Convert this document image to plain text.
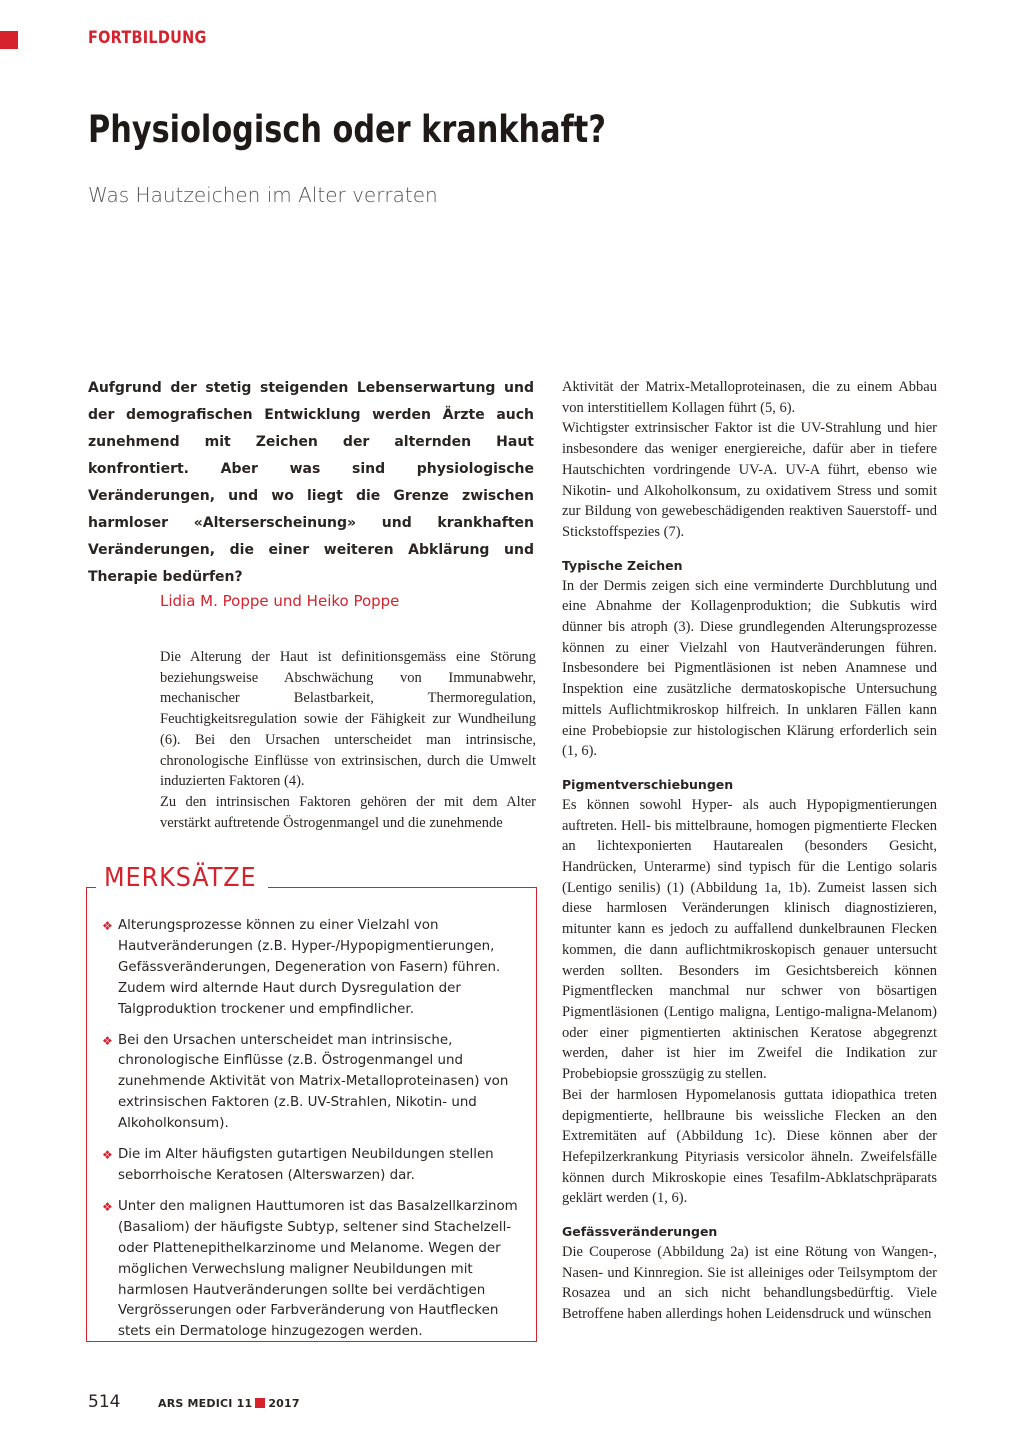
FORTBILDUNG
Physiologisch oder krankhaft?
Was Hautzeichen im Alter verraten
Aufgrund der stetig steigenden Lebenserwartung und der demografischen Entwicklung werden Ärzte auch zunehmend mit Zeichen der alternden Haut konfrontiert. Aber was sind physiologische Veränderungen, und wo liegt die Grenze zwischen harmloser «Alterserscheinung» und krankhaften Veränderungen, die einer weiteren Abklärung und Therapie bedürfen?
Lidia M. Poppe und Heiko Poppe

Die Alterung der Haut ist definitionsgemäss eine Störung beziehungsweise Abschwächung von Immunabwehr, mechanischer Belastbarkeit, Thermoregulation, Feuchtigkeitsregulation sowie der Fähigkeit zur Wundheilung (6). Bei den Ursachen unterscheidet man intrinsische, chronologische Einflüsse von extrinsischen, durch die Umwelt induzierten Faktoren (4).

Zu den intrinsischen Faktoren gehören der mit dem Alter verstärkt auftretende Östrogenmangel und die zunehmende

MERKSÄTZE
❖ Alterungsprozesse können zu einer Vielzahl von Hautveränderungen (z.B. Hyper-/Hypopigmentierungen, Gefässveränderungen, Degeneration von Fasern) führen. Zudem wird alternde Haut durch Dysregulation der Talgproduktion trockener und empfindlicher.
❖ Bei den Ursachen unterscheidet man intrinsische, chronologische Einflüsse (z.B. Östrogenmangel und zunehmende Aktivität von Matrix-Metalloproteinasen) von extrinsischen Faktoren (z.B. UV-Strahlen, Nikotin- und Alkoholkonsum).
❖ Die im Alter häufigsten gutartigen Neubildungen stellen seborrhoische Keratosen (Alterswarzen) dar.
❖ Unter den malignen Hauttumoren ist das Basalzellkarzinom (Basaliom) der häufigste Subtyp, seltener sind Stachelzell- oder Plattenepithelkarzinome und Melanome. Wegen der möglichen Verwechslung maligner Neubildungen mit harmlosen Hautveränderungen sollte bei verdächtigen Vergrösserungen oder Farbveränderung von Hautflecken stets ein Dermatologe hinzugezogen werden.

Aktivität der Matrix-Metalloproteinasen, die zu einem Abbau von interstitiellem Kollagen führt (5, 6).

Wichtigster extrinsischer Faktor ist die UV-Strahlung und hier insbesondere das weniger energiereiche, dafür aber in tiefere Hautschichten vordringende UV-A. UV-A führt, ebenso wie Nikotin- und Alkoholkonsum, zu oxidativem Stress und somit zur Bildung von gewebeschädigenden reaktiven Sauerstoff- und Stickstoffspezies (7).

Typische Zeichen

In der Dermis zeigen sich eine verminderte Durchblutung und eine Abnahme der Kollagenproduktion; die Subkutis wird dünner bis atroph (3). Diese grundlegenden Alterungsprozesse können zu einer Vielzahl von Hautveränderungen führen. Insbesondere bei Pigmentläsionen ist neben Anamnese und Inspektion eine zusätzliche dermatoskopische Untersuchung mittels Auflichtmikroskop hilfreich. In unklaren Fällen kann eine Probebiopsie zur histologischen Klärung erforderlich sein (1, 6).

Pigmentverschiebungen

Es können sowohl Hyper- als auch Hypopigmentierungen auftreten. Hell- bis mittelbraune, homogen pigmentierte Flecken an lichtexponierten Hautarealen (besonders Gesicht, Handrücken, Unterarme) sind typisch für die Lentigo solaris (Lentigo senilis) (1) (Abbildung 1a, 1b). Zumeist lassen sich diese harmlosen Veränderungen klinisch diagnostizieren, mitunter kann es jedoch zu auffallend dunkelbraunen Flecken kommen, die dann auflichtmikroskopisch genauer untersucht werden sollten. Besonders im Gesichtsbereich können Pigmentflecken manchmal nur schwer von bösartigen Pigmentläsionen (Lentigo maligna, Lentigo-maligna-Melanom) oder einer pigmentierten aktinischen Keratose abgegrenzt werden, daher ist hier im Zweifel die Indikation zur Probebiopsie grosszügig zu stellen.

Bei der harmlosen Hypomelanosis guttata idiopathica treten depigmentierte, hellbraune bis weissliche Flecken an den Extremitäten auf (Abbildung 1c). Diese können aber der Hefepilzerkrankung Pityriasis versicolor ähneln. Zweifelsfälle können durch Mikroskopie eines Tesafilm-Abklatschpräparats geklärt werden (1, 6).

Gefässveränderungen

Die Couperose (Abbildung 2a) ist eine Rötung von Wangen-, Nasen- und Kinnregion. Sie ist alleiniges oder Teilsymptom der Rosazea und an sich nicht behandlungsbedürftig. Viele Betroffene haben allerdings hohen Leidensdruck und wünschen

514	ARS MEDICI 11 2017
